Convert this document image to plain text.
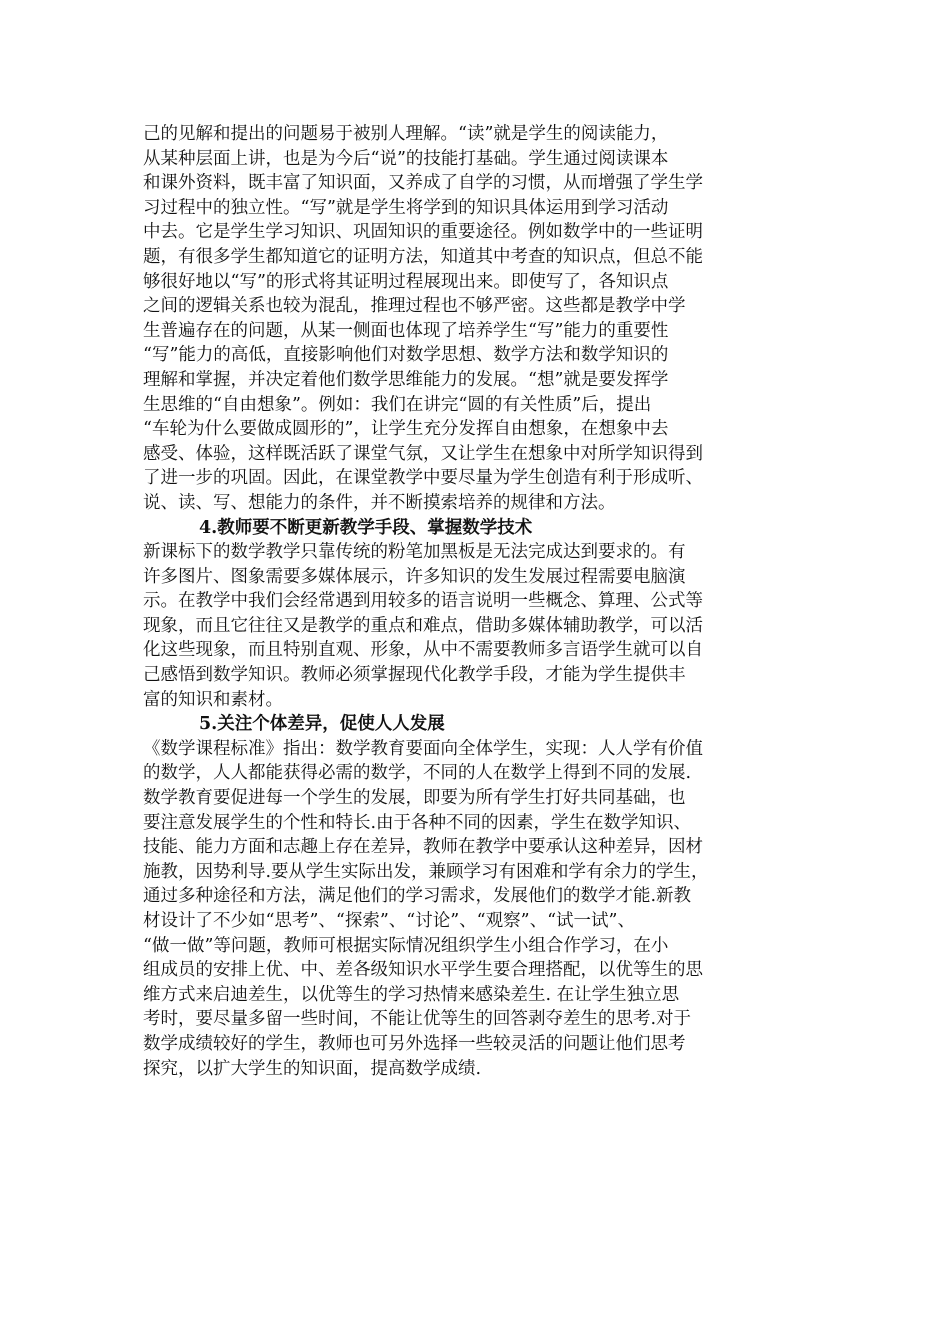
己的见解和提出的问题易于被别人理解。“读”就是学生的阅读能力，
从某种层面上讲，也是为今后“说”的技能打基础。学生通过阅读课本
和课外资料，既丰富了知识面，又养成了自学的习惯，从而增强了学生学
习过程中的独立性。“写”就是学生将学到的知识具体运用到学习活动
中去。它是学生学习知识、巩固知识的重要途径。例如数学中的一些证明
题，有很多学生都知道它的证明方法，知道其中考查的知识点，但总不能
够很好地以“写”的形式将其证明过程展现出来。即使写了，各知识点
之间的逻辑关系也较为混乱，推理过程也不够严密。这些都是教学中学
生普遍存在的问题，从某一侧面也体现了培养学生“写”能力的重要性
“写”能力的高低，直接影响他们对数学思想、数学方法和数学知识的
理解和掌握，并决定着他们数学思维能力的发展。“想”就是要发挥学
生思维的“自由想象”。例如：我们在讲完“圆的有关性质”后，提出
“车轮为什么要做成圆形的”，让学生充分发挥自由想象，在想象中去
感受、体验，这样既活跃了课堂气氛，又让学生在想象中对所学知识得到
了进一步的巩固。因此，在课堂教学中要尽量为学生创造有利于形成听、
说、读、写、想能力的条件，并不断摸索培养的规律和方法。
4.教师要不断更新教学手段、掌握数学技术
新课标下的数学教学只靠传统的粉笔加黑板是无法完成达到要求的。有
许多图片、图象需要多媒体展示，许多知识的发生发展过程需要电脑演
示。在教学中我们会经常遇到用较多的语言说明一些概念、算理、公式等
现象，而且它往往又是教学的重点和难点，借助多媒体辅助教学，可以活
化这些现象，而且特别直观、形象，从中不需要教师多言语学生就可以自
己感悟到数学知识。教师必须掌握现代化教学手段，才能为学生提供丰
富的知识和素材。
5.关注个体差异，促使人人发展
《数学课程标准》指出：数学教育要面向全体学生，实现：人人学有价值
的数学，人人都能获得必需的数学，不同的人在数学上得到不同的发展.
数学教育要促进每一个学生的发展，即要为所有学生打好共同基础，也
要注意发展学生的个性和特长.由于各种不同的因素，学生在数学知识、
技能、能力方面和志趣上存在差异，教师在教学中要承认这种差异，因材
施教，因势利导.要从学生实际出发，兼顾学习有困难和学有余力的学生，
通过多种途径和方法，满足他们的学习需求，发展他们的数学才能.新教
材设计了不少如“思考”、“探索”、“讨论”、“观察”、“试一试”、
“做一做”等问题，教师可根据实际情况组织学生小组合作学习，在小
组成员的安排上优、中、差各级知识水平学生要合理搭配，以优等生的思
维方式来启迪差生，以优等生的学习热情来感染差生. 在让学生独立思
考时，要尽量多留一些时间，不能让优等生的回答剥夺差生的思考.对于
数学成绩较好的学生，教师也可另外选择一些较灵活的问题让他们思考
探究，以扩大学生的知识面，提高数学成绩.
